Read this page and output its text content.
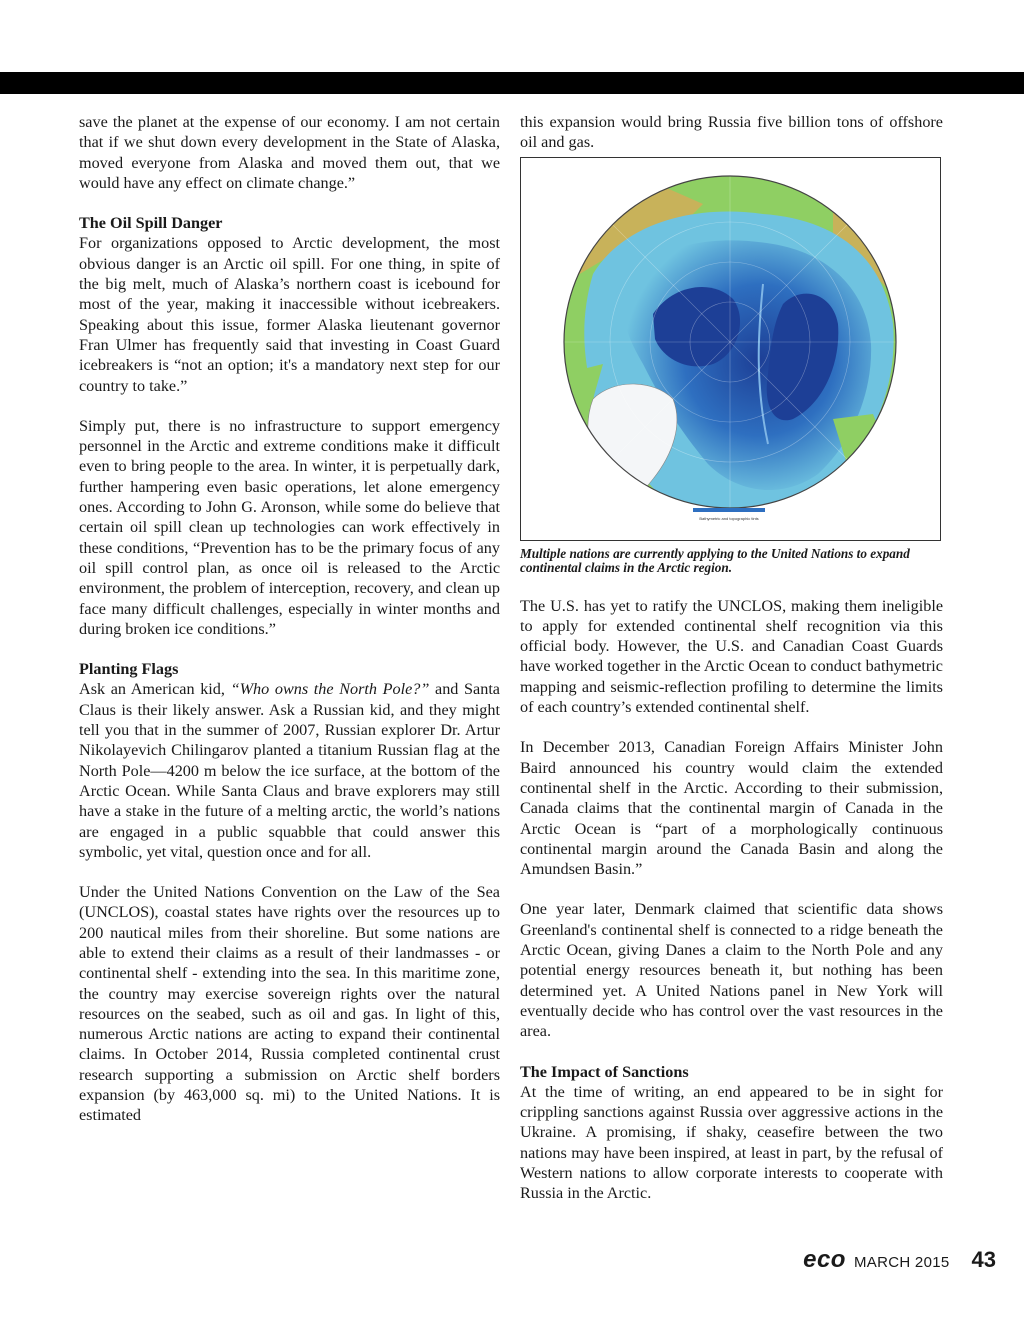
save the planet at the expense of our economy. I am not certain that if we shut down every development in the State of Alaska, moved everyone from Alaska and moved them out, that we would have any effect on climate change.”

The Oil Spill Danger

For organizations opposed to Arctic development, the most obvious danger is an Arctic oil spill. For one thing, in spite of the big melt, much of Alaska’s northern coast is icebound for most of the year, making it inaccessible without icebreakers. Speaking about this issue, former Alaska lieutenant governor Fran Ulmer has frequently said that investing in Coast Guard icebreakers is “not an option; it's a mandatory next step for our country to take.”

Simply put, there is no infrastructure to support emergency personnel in the Arctic and extreme conditions make it difficult even to bring people to the area. In winter, it is perpetually dark, further hampering even basic operations, let alone emergency ones. According to John G. Aronson, while some do believe that certain oil spill clean up technologies can work effectively in these conditions, “Prevention has to be the primary focus of any oil spill control plan, as once oil is released to the Arctic environment, the problem of interception, recovery, and clean up face many difficult challenges, especially in winter months and during broken ice conditions.”

Planting Flags

Ask an American kid, “Who owns the North Pole?” and Santa Claus is their likely answer. Ask a Russian kid, and they might tell you that in the summer of 2007, Russian explorer Dr. Artur Nikolayevich Chilingarov planted a titanium Russian flag at the North Pole—4200 m below the ice surface, at the bottom of the Arctic Ocean. While Santa Claus and brave explorers may still have a stake in the future of a melting arctic, the world’s nations are engaged in a public squabble that could answer this symbolic, yet vital, question once and for all.

Under the United Nations Convention on the Law of the Sea (UNCLOS), coastal states have rights over the resources up to 200 nautical miles from their shoreline. But some nations are able to extend their claims as a result of their landmasses - or continental shelf - extending into the sea. In this maritime zone, the country may exercise sovereign rights over the natural resources on the seabed, such as oil and gas. In light of this, numerous Arctic nations are acting to expand their continental claims. In October 2014, Russia completed continental crust research supporting a submission on Arctic shelf borders expansion (by 463,000 sq. mi) to the United Nations. It is estimated

this expansion would bring Russia five billion tons of offshore oil and gas.

Bathymetric and topographic tints

Multiple nations are currently applying to the United Nations to expand continental claims in the Arctic region.

The U.S. has yet to ratify the UNCLOS, making them ineligible to apply for extended continental shelf recognition via this official body. However, the U.S. and Canadian Coast Guards have worked together in the Arctic Ocean to conduct bathymetric mapping and seismic-reflection profiling to determine the limits of each country’s extended continental shelf.

In December 2013, Canadian Foreign Affairs Minister John Baird announced his country would claim the extended continental shelf in the Arctic. According to their submission, Canada claims that the continental margin of Canada in the Arctic Ocean is “part of a morphologically continuous continental margin around the Canada Basin and along the Amundsen Basin.”

One year later, Denmark claimed that scientific data shows Greenland's continental shelf is connected to a ridge beneath the Arctic Ocean, giving Danes a claim to the North Pole and any potential energy resources beneath it, but nothing has been determined yet. A United Nations panel in New York will eventually decide who has control over the vast resources in the area.

The Impact of Sanctions

At the time of writing, an end appeared to be in sight for crippling sanctions against Russia over aggressive actions in the Ukraine. A promising, if shaky, ceasefire between the two nations may have been inspired, at least in part, by the refusal of Western nations to allow corporate interests to cooperate with Russia in the Arctic.

eco MARCH 2015 43
